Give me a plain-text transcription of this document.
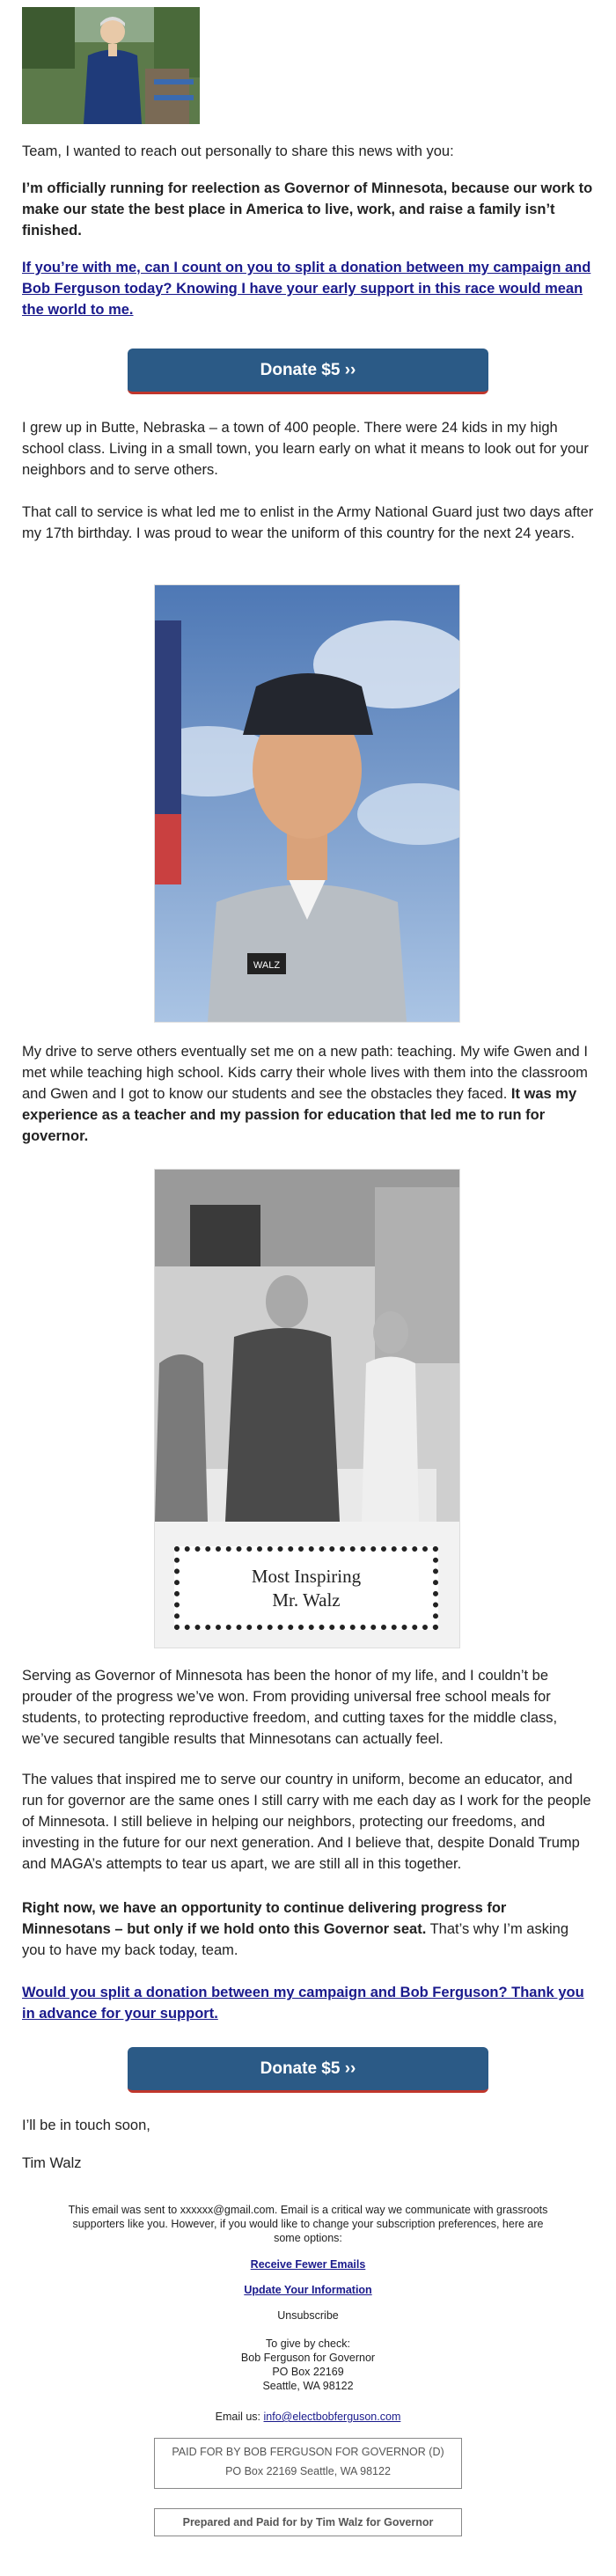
Team, I wanted to reach out personally to share this news with you:

I’m officially running for reelection as Governor of Minnesota, because our work to make our state the best place in America to live, work, and raise a family isn’t finished.

If you’re with me, can I count on you to split a donation between my campaign and Bob Ferguson today? Knowing I have your early support in this race would mean the world to me.
Donate $5 ››

I grew up in Butte, Nebraska – a town of 400 people. There were 24 kids in my high school class. Living in a small town, you learn early on what it means to look out for your neighbors and to serve others.

That call to service is what led me to enlist in the Army National Guard just two days after my 17th birthday. I was proud to wear the uniform of this country for the next 24 years.

WALZ

My drive to serve others eventually set me on a new path: teaching. My wife Gwen and I met while teaching high school. Kids carry their whole lives with them into the classroom and Gwen and I got to know our students and see the obstacles they faced. It was my experience as a teacher and my passion for education that led me to run for governor.

Most Inspiring
Mr. Walz

Serving as Governor of Minnesota has been the honor of my life, and I couldn’t be prouder of the progress we’ve won. From providing universal free school meals for students, to protecting reproductive freedom, and cutting taxes for the middle class, we’ve secured tangible results that Minnesotans can actually feel.

The values that inspired me to serve our country in uniform, become an educator, and run for governor are the same ones I still carry with me each day as I work for the people of Minnesota. I still believe in helping our neighbors, protecting our freedoms, and investing in the future for our next generation. And I believe that, despite Donald Trump and MAGA’s attempts to tear us apart, we are still all in this together.

Right now, we have an opportunity to continue delivering progress for Minnesotans – but only if we hold onto this Governor seat. That’s why I’m asking you to have my back today, team.

Would you split a donation between my campaign and Bob Ferguson? Thank you in advance for your support.
Donate $5 ››

I’ll be in touch soon,

Tim Walz

This email was sent to xxxxxx@gmail.com. Email is a critical way we communicate with grassroots supporters like you. However, if you would like to change your subscription preferences, here are some options:

Receive Fewer Emails
Update Your Information
Unsubscribe
To give by check:
Bob Ferguson for Governor
PO Box 22169
Seattle, WA 98122
Email us: info@electbobferguson.com
PAID FOR BY BOB FERGUSON FOR GOVERNOR (D)
PO Box 22169 Seattle, WA 98122
Prepared and Paid for by Tim Walz for Governor
